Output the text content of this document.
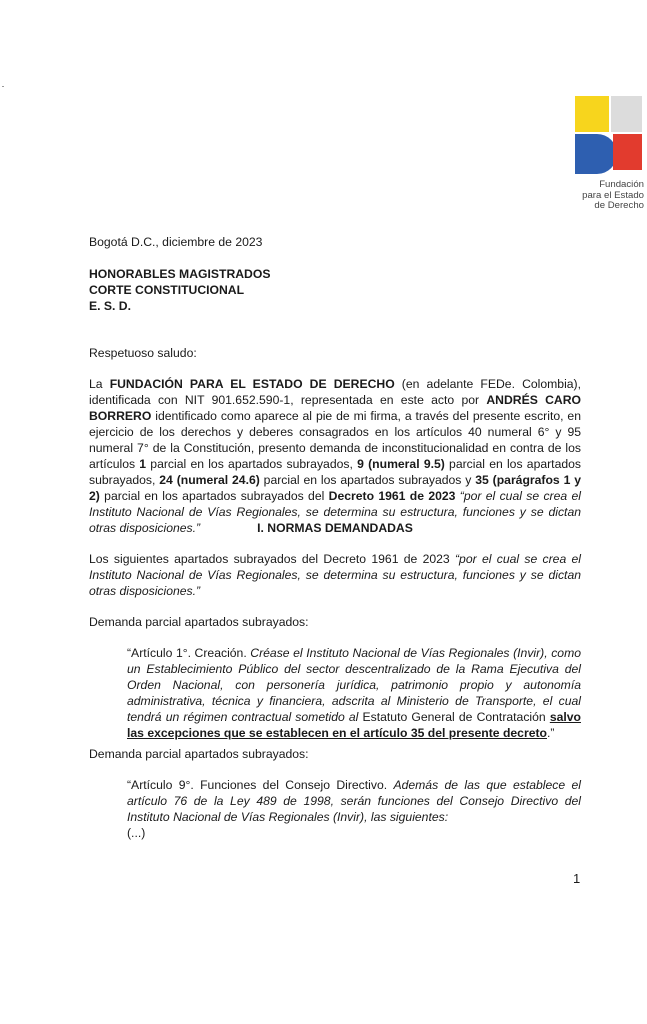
Fundación
para el Estado
de Derecho
Bogotá D.C., diciembre de 2023
HONORABLES MAGISTRADOS
CORTE CONSTITUCIONAL
E. S. D.
Respetuoso saludo:
La FUNDACIÓN PARA EL ESTADO DE DERECHO (en adelante FEDe. Colombia), identificada con NIT 901.652.590-1, representada en este acto por ANDRÉS CARO BORRERO identificado como aparece al pie de mi firma, a través del presente escrito, en ejercicio de los derechos y deberes consagrados en los artículos 40 numeral 6° y 95 numeral 7° de la Constitución, presento demanda de inconstitucionalidad en contra de los artículos 1 parcial en los apartados subrayados, 9 (numeral 9.5) parcial en los apartados subrayados, 24 (numeral 24.6) parcial en los apartados subrayados y 35 (parágrafos 1 y 2) parcial en los apartados subrayados del Decreto 1961 de 2023 “por el cual se crea el Instituto Nacional de Vías Regionales, se determina su estructura, funciones y se dictan otras disposiciones.”	I. NORMAS DEMANDADAS
Los siguientes apartados subrayados del Decreto 1961 de 2023 “por el cual se crea el Instituto Nacional de Vías Regionales, se determina su estructura, funciones y se dictan otras disposiciones.”
Demanda parcial apartados subrayados:
“Artículo 1°. Creación. Créase el Instituto Nacional de Vías Regionales (Invir), como un Establecimiento Público del sector descentralizado de la Rama Ejecutiva del Orden Nacional, con personería jurídica, patrimonio propio y autonomía administrativa, técnica y financiera, adscrita al Ministerio de Transporte, el cual tendrá un régimen contractual sometido al Estatuto General de Contratación salvo las excepciones que se establecen en el artículo 35 del presente decreto.”
Demanda parcial apartados subrayados:
“Artículo 9°. Funciones del Consejo Directivo. Además de las que establece el artículo 76 de la Ley 489 de 1998, serán funciones del Consejo Directivo del Instituto Nacional de Vías Regionales (Invir), las siguientes:
(...)
1
